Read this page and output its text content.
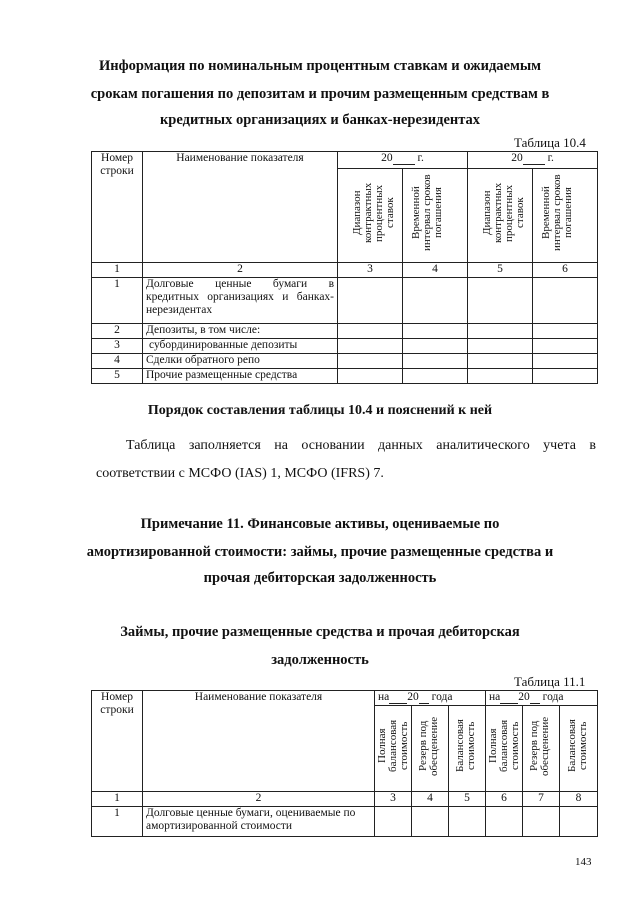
Информация по номинальным процентным ставкам и ожидаемым
срокам погашения по депозитам и прочим размещенным средствам в
кредитных организациях и банках-нерезидентах
Таблица 10.4
Номер строки	Наименование показателя	20 г.		20 г.	

		Диапазон контрактных процентных ставок	Временной интервал сроков погашения	Диапазон контрактных процентных ставок	Временной интервал сроков погашения

1	2	3	4	5	6
1	Долговые ценные бумаги в кредитных организациях и банках-нерезидентах				
2	Депозиты, в том числе:				
3	субординированные депозиты				
4	Сделки обратного репо				
5	Прочие размещенные средства				
Порядок составления таблицы 10.4 и пояснений к ней
Таблица заполняется на основании данных аналитического учета в
соответствии с МСФО (IAS) 1, МСФО (IFRS) 7.
Примечание 11. Финансовые активы, оцениваемые по
амортизированной стоимости: займы, прочие размещенные средства и
прочая дебиторская задолженность
Займы, прочие размещенные средства и прочая дебиторская
задолженность
Таблица 11.1
Номер строки	Наименование показателя	на 20 года			на 20 года		

		Полная балансовая стоимость	Резерв под обесценение	Балансовая стоимость	Полная балансовая стоимость	Резерв под обесценение	Балансовая стоимость

1	2	3	4	5	6	7	8
1	Долговые ценные бумаги, оцениваемые по амортизированной стоимости						
143
